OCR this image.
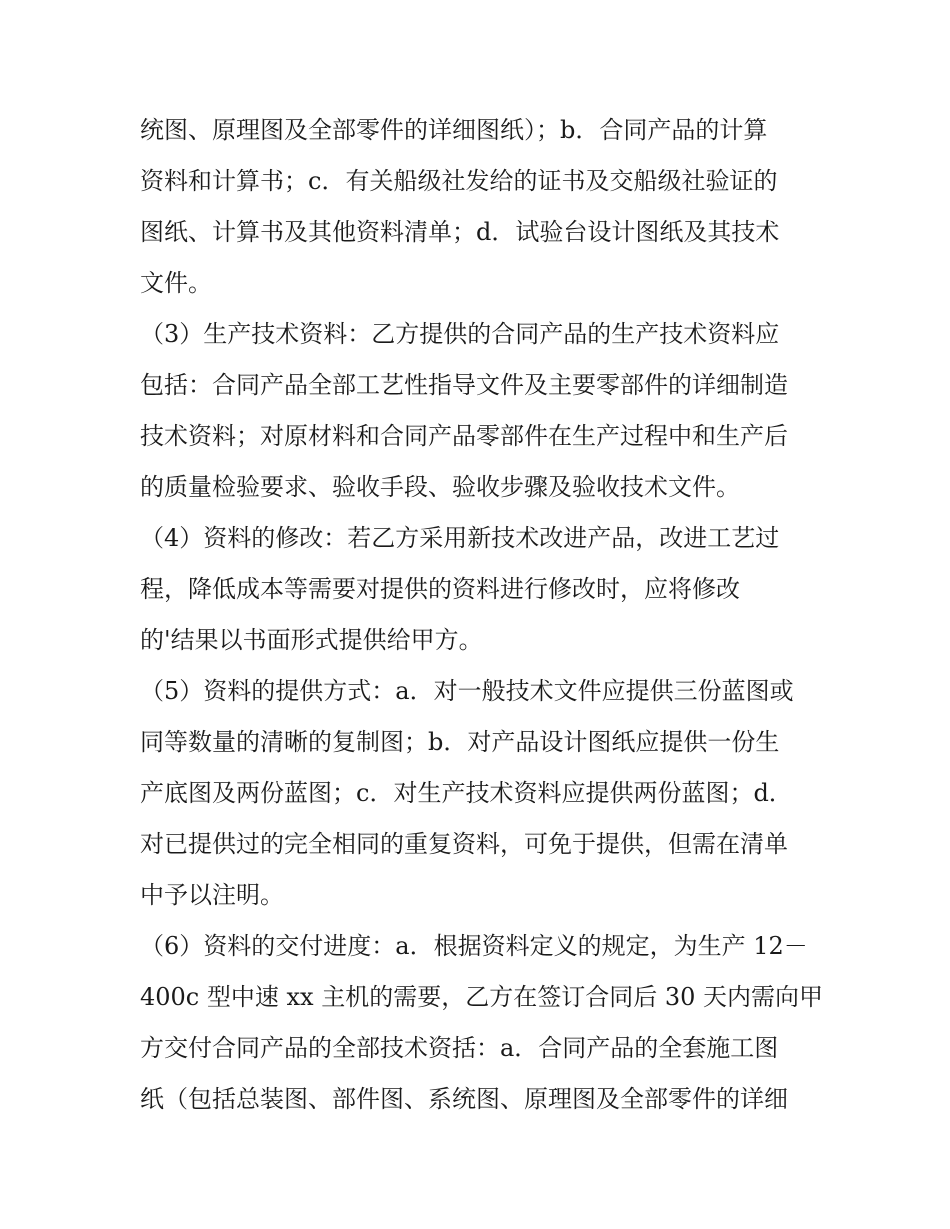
统图、原理图及全部零件的详细图纸）；b．合同产品的计算
资料和计算书；c．有关船级社发给的证书及交船级社验证的
图纸、计算书及其他资料清单；d．试验台设计图纸及其技术
文件。
（3）生产技术资料：乙方提供的合同产品的生产技术资料应
包括：合同产品全部工艺性指导文件及主要零部件的详细制造
技术资料；对原材料和合同产品零部件在生产过程中和生产后
的质量检验要求、验收手段、验收步骤及验收技术文件。
（4）资料的修改：若乙方采用新技术改进产品，改进工艺过
程，降低成本等需要对提供的资料进行修改时，应将修改
的'结果以书面形式提供给甲方。
（5）资料的提供方式：a．对一般技术文件应提供三份蓝图或
同等数量的清晰的复制图；b．对产品设计图纸应提供一份生
产底图及两份蓝图；c．对生产技术资料应提供两份蓝图；d．
对已提供过的完全相同的重复资料，可免于提供，但需在清单
中予以注明。
（6）资料的交付进度：a．根据资料定义的规定，为生产 12－
400c 型中速 xx 主机的需要，乙方在签订合同后 30 天内需向甲
方交付合同产品的全部技术资括：a．合同产品的全套施工图
纸（包括总装图、部件图、系统图、原理图及全部零件的详细
